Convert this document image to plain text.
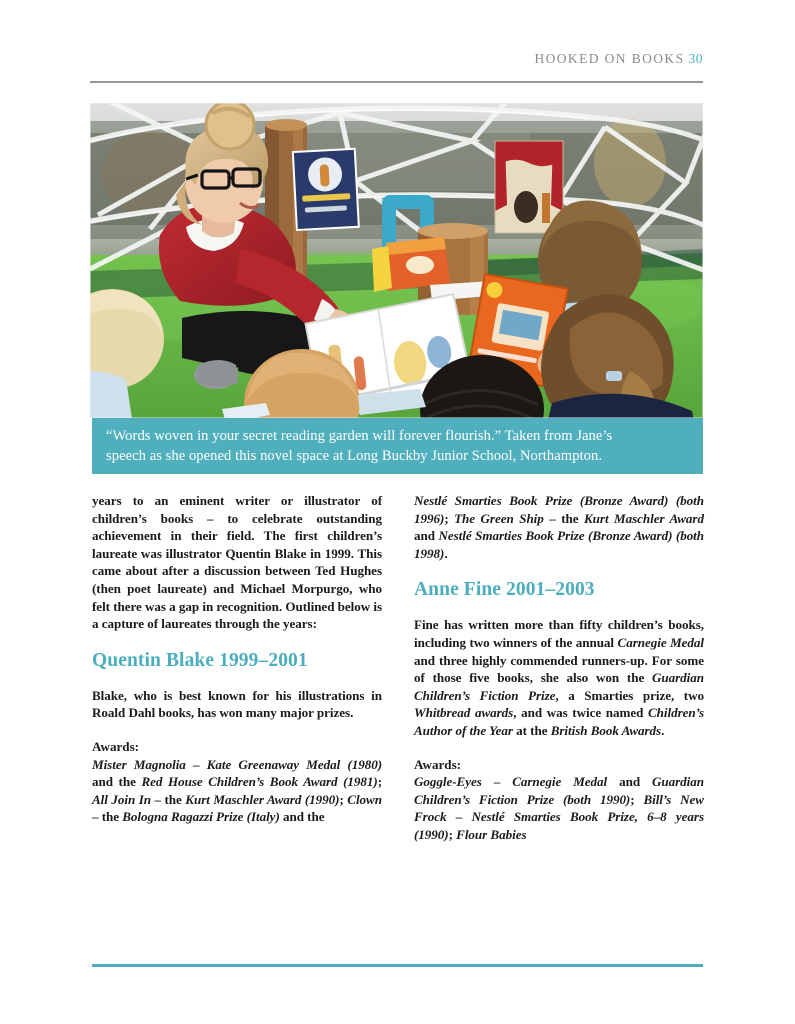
HOOKED ON BOOKS 30
“Words woven in your secret reading garden will forever flourish.” Taken from Jane’s
speech as she opened this novel space at Long Buckby Junior School, Northampton.

years to an eminent writer or illustrator of children’s books – to celebrate outstanding achievement in their field. The first children’s laureate was illustrator Quentin Blake in 1999. This came about after a discussion between Ted Hughes (then poet laureate) and Michael Morpurgo, who felt there was a gap in recognition. Outlined below is a capture of laureates through the years:

Quentin Blake 1999–2001

Blake, who is best known for his illustrations in Roald Dahl books, has won many major prizes.

Awards:

Mister Magnolia – Kate Greenaway Medal (1980) and the Red House Children’s Book Award (1981); All Join In – the Kurt Maschler Award (1990); Clown – the Bologna Ragazzi Prize (Italy) and the

Nestlé Smarties Book Prize (Bronze Award) (both 1996); The Green Ship – the Kurt Maschler Award and Nestlé Smarties Book Prize (Bronze Award) (both 1998).

Anne Fine 2001–2003

Fine has written more than fifty children’s books, including two winners of the annual Carnegie Medal and three highly commended runners-up. For some of those five books, she also won the Guardian Children’s Fiction Prize, a Smarties prize, two Whitbread awards, and was twice named Children’s Author of the Year at the British Book Awards.

Awards:

Goggle-Eyes – Carnegie Medal and Guardian Children’s Fiction Prize (both 1990); Bill’s New Frock – Nestlé Smarties Book Prize, 6–8 years (1990); Flour Babies
